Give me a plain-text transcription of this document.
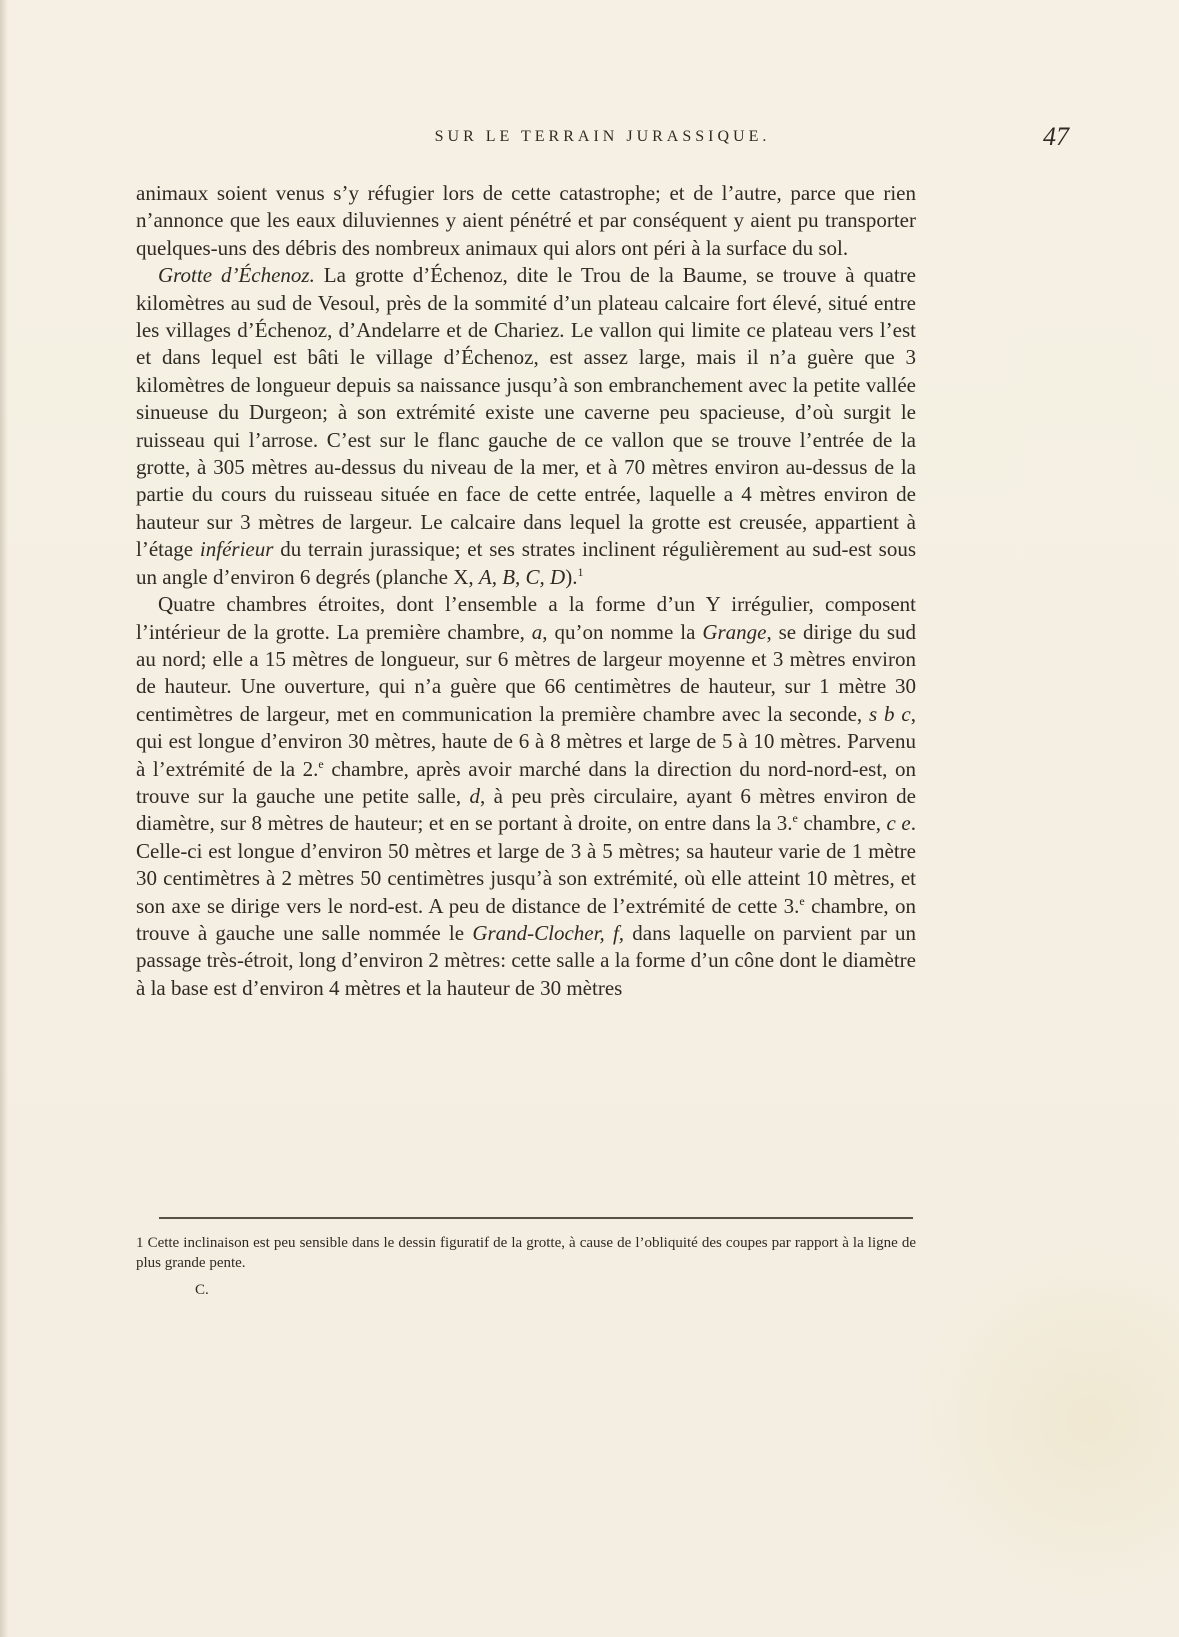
SUR LE TERRAIN JURASSIQUE.	47

animaux soient venus s’y réfugier lors de cette catastrophe; et de l’autre, parce que rien n’annonce que les eaux diluviennes y aient pénétré et par conséquent y aient pu transporter quelques-uns des débris des nombreux animaux qui alors ont péri à la surface du sol.

Grotte d’Échenoz. La grotte d’Échenoz, dite le Trou de la Baume, se trouve à quatre kilomètres au sud de Vesoul, près de la sommité d’un plateau calcaire fort élevé, situé entre les villages d’Échenoz, d’Andelarre et de Chariez. Le vallon qui limite ce plateau vers l’est et dans lequel est bâti le village d’Échenoz, est assez large, mais il n’a guère que 3 kilomètres de longueur depuis sa naissance jusqu’à son embranchement avec la petite vallée sinueuse du Durgeon; à son extrémité existe une caverne peu spacieuse, d’où surgit le ruisseau qui l’arrose. C’est sur le flanc gauche de ce vallon que se trouve l’entrée de la grotte, à 305 mètres au-dessus du niveau de la mer, et à 70 mètres environ au-dessus de la partie du cours du ruisseau située en face de cette entrée, laquelle a 4 mètres environ de hauteur sur 3 mètres de largeur. Le calcaire dans lequel la grotte est creusée, appartient à l’étage inférieur du terrain jurassique; et ses strates inclinent régulièrement au sud-est sous un angle d’environ 6 degrés (planche X, A, B, C, D).$^1$

Quatre chambres étroites, dont l’ensemble a la forme d’un Y irrégulier, composent l’intérieur de la grotte. La première chambre, a, qu’on nomme la Grange, se dirige du sud au nord; elle a 15 mètres de longueur, sur 6 mètres de largeur moyenne et 3 mètres environ de hauteur. Une ouverture, qui n’a guère que 66 centimètres de hauteur, sur 1 mètre 30 centimètres de largeur, met en communication la première chambre avec la seconde, s b c, qui est longue d’environ 30 mètres, haute de 6 à 8 mètres et large de 5 à 10 mètres. Parvenu à l’extrémité de la 2.$^e$ chambre, après avoir marché dans la direction du nord-nord-est, on trouve sur la gauche une petite salle, d, à peu près circulaire, ayant 6 mètres environ de diamètre, sur 8 mètres de hauteur; et en se portant à droite, on entre dans la 3.$^e$ chambre, c e. Celle-ci est longue d’environ 50 mètres et large de 3 à 5 mètres; sa hauteur varie de 1 mètre 30 centimètres à 2 mètres 50 centimètres jusqu’à son extrémité, où elle atteint 10 mètres, et son axe se dirige vers le nord-est. A peu de distance de l’extrémité de cette 3.$^e$ chambre, on trouve à gauche une salle nommée le Grand-Clocher, f, dans laquelle on parvient par un passage très-étroit, long d’environ 2 mètres: cette salle a la forme d’un cône dont le diamètre à la base est d’environ 4 mètres et la hauteur de 30 mètres

1 Cette inclinaison est peu sensible dans le dessin figuratif de la grotte, à cause de l’obliquité des coupes par rapport à la ligne de plus grande pente.
C.
